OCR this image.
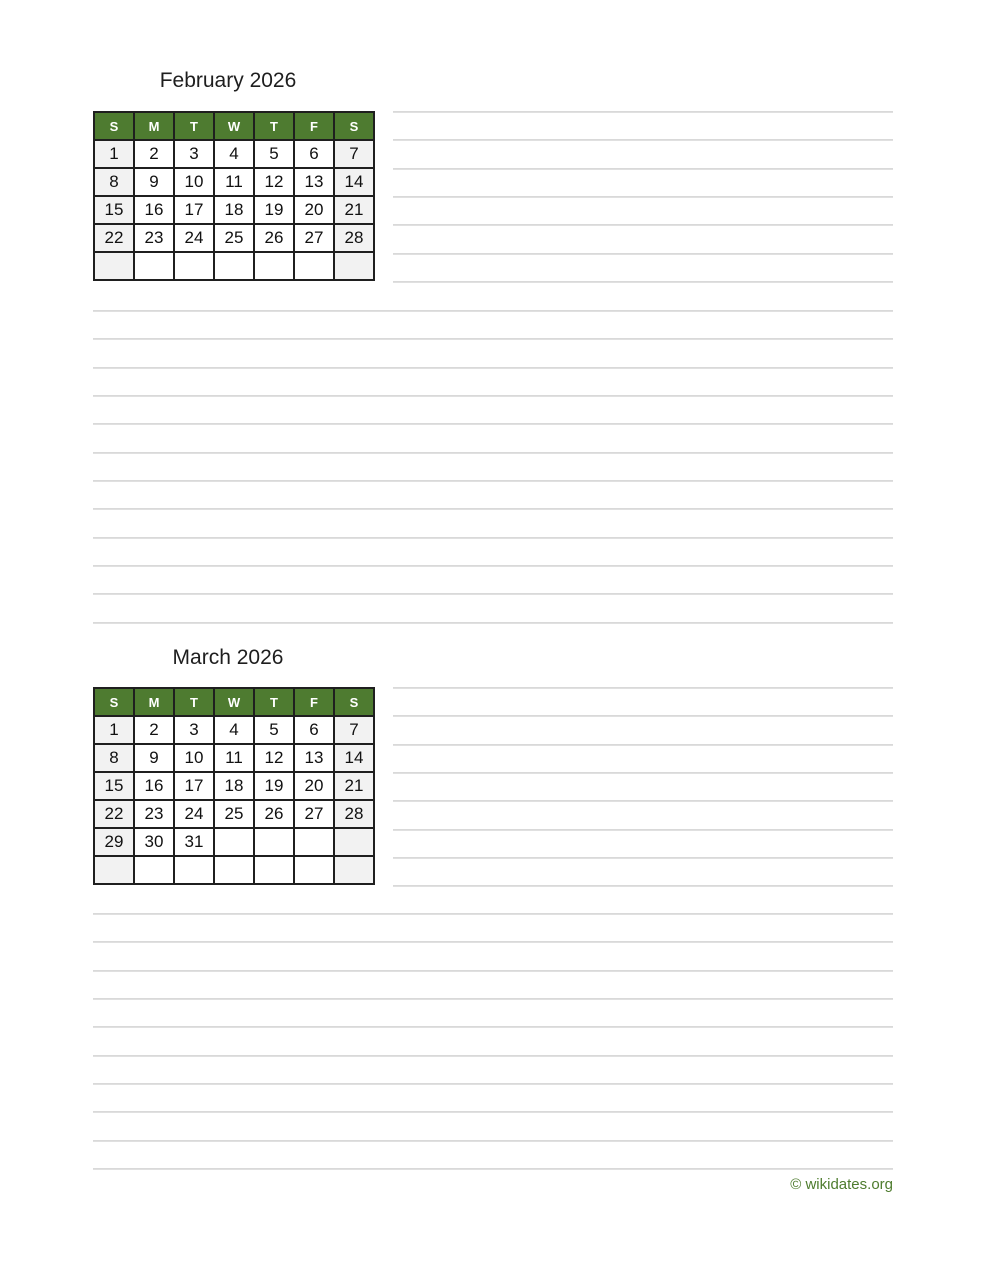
February 2026
S	M	T	W	T	F	S
1	2	3	4	5	6	7
8	9	10	11	12	13	14
15	16	17	18	19	20	21
22	23	24	25	26	27	28

March 2026
S	M	T	W	T	F	S
1	2	3	4	5	6	7
8	9	10	11	12	13	14
15	16	17	18	19	20	21
22	23	24	25	26	27	28
29	30	31				

© wikidates.org
